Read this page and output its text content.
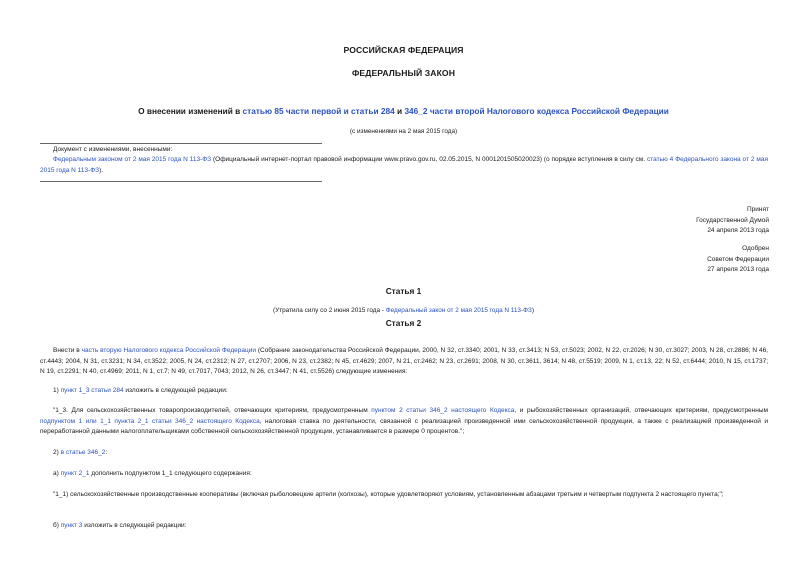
РОССИЙСКАЯ ФЕДЕРАЦИЯ
ФЕДЕРАЛЬНЫЙ ЗАКОН
О внесении изменений в статью 85 части первой и статьи 284 и 346_2 части второй Налогового кодекса Российской Федерации
(с изменениями на 2 мая 2015 года)
Документ с изменениями, внесенными:
Федеральным законом от 2 мая 2015 года N 113-ФЗ (Официальный интернет-портал правовой информации www.pravo.gov.ru, 02.05.2015, N 0001201505020023) (о порядке вступления в силу см. статью 4 Федерального закона от 2 мая 2015 года N 113-ФЗ).
Принят
Государственной Думой
24 апреля 2013 года
Одобрен
Советом Федерации
27 апреля 2013 года
Статья 1
(Утратила силу со 2 июня 2015 года - Федеральный закон от 2 мая 2015 года N 113-ФЗ)
Статья 2
Внести в часть вторую Налогового кодекса Российской Федерации (Собрание законодательства Российской Федерации, 2000, N 32, ст.3340; 2001, N 33, ст.3413; N 53, ст.5023; 2002, N 22, ст.2026; N 30, ст.3027; 2003, N 28, ст.2886; N 46, ст.4443; 2004, N 31, ст.3231; N 34, ст.3522; 2005, N 24, ст.2312; N 27, ст.2707; 2006, N 23, ст.2382; N 45, ст.4629; 2007, N 21, ст.2462; N 23, ст.2691; 2008, N 30, ст.3611, 3614; N 48, ст.5519; 2009, N 1, ст.13, 22; N 52, ст.6444; 2010, N 15, ст.1737; N 19, ст.2291; N 40, ст.4969; 2011, N 1, ст.7; N 49, ст.7017, 7043; 2012, N 26, ст.3447; N 41, ст.5526) следующие изменения:
1) пункт 1_3 статьи 284 изложить в следующей редакции:
"1_3. Для сельскохозяйственных товаропроизводителей, отвечающих критериям, предусмотренным пунктом 2 статьи 346_2 настоящего Кодекса, и рыбохозяйственных организаций, отвечающих критериям, предусмотренным подпунктом 1 или 1_1 пункта 2_1 статьи 346_2 настоящего Кодекса, налоговая ставка по деятельности, связанной с реализацией произведенной ими сельскохозяйственной продукции, а также с реализацией произведенной и переработанной данными налогоплательщиками собственной сельскохозяйственной продукции, устанавливается в размере 0 процентов.";
2) в статье 346_2:
а) пункт 2_1 дополнить подпунктом 1_1 следующего содержания:
"1_1) сельскохозяйственные производственные кооперативы (включая рыболовецкие артели (колхозы), которые удовлетворяют условиям, установленным абзацами третьим и четвертым подпункта 2 настоящего пункта;";
б) пункт 3 изложить в следующей редакции:
